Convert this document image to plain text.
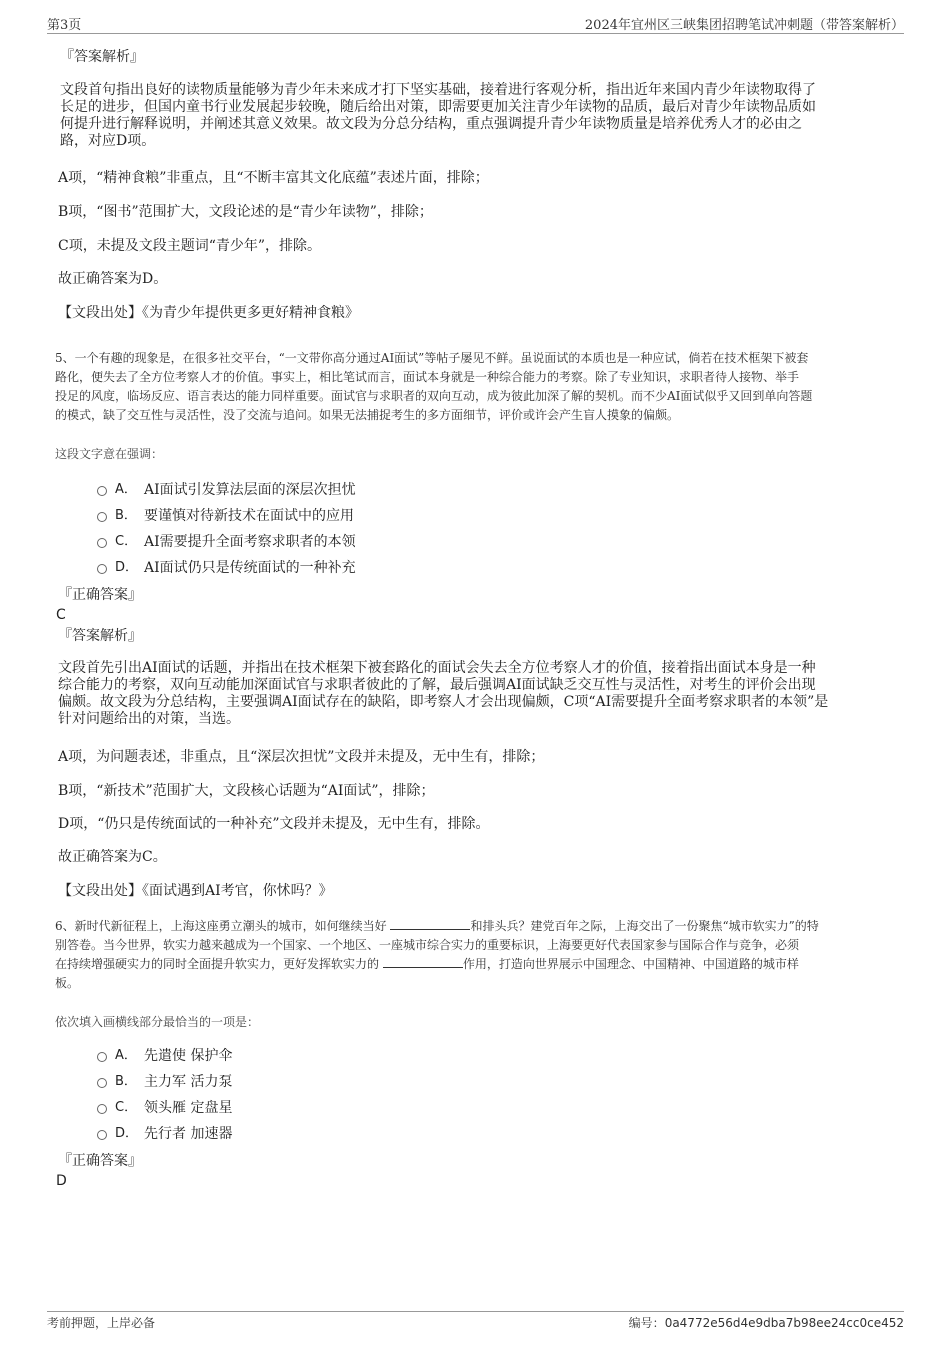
第3页	2024年宜州区三峡集团招聘笔试冲刺题（带答案解析）
『答案解析』
文段首句指出良好的读物质量能够为青少年未来成才打下坚实基础，接着进行客观分析，指出近年来国内青少年读物取得了
长足的进步，但国内童书行业发展起步较晚，随后给出对策，即需要更加关注青少年读物的品质，最后对青少年读物品质如
何提升进行解释说明，并阐述其意义效果。故文段为分总分结构，重点强调提升青少年读物质量是培养优秀人才的必由之
路，对应D项。
A项，“精神食粮”非重点，且“不断丰富其文化底蕴”表述片面，排除；
B项，“图书”范围扩大，文段论述的是“青少年读物”，排除；
C项，未提及文段主题词“青少年”，排除。
故正确答案为D。
【文段出处】《为青少年提供更多更好精神食粮》
5、一个有趣的现象是，在很多社交平台，“一文带你高分通过AI面试”等帖子屡见不鲜。虽说面试的本质也是一种应试，倘若在技术框架下被套
路化，便失去了全方位考察人才的价值。事实上，相比笔试而言，面试本身就是一种综合能力的考察。除了专业知识，求职者待人接物、举手
投足的风度，临场反应、语言表达的能力同样重要。面试官与求职者的双向互动，成为彼此加深了解的契机。而不少AI面试似乎又回到单向答题
的模式，缺了交互性与灵活性，没了交流与追问。如果无法捕捉考生的多方面细节，评价或许会产生盲人摸象的偏颇。
这段文字意在强调：
A． AI面试引发算法层面的深层次担忧
B． 要谨慎对待新技术在面试中的应用
C． AI需要提升全面考察求职者的本领
D． AI面试仍只是传统面试的一种补充
『正确答案』
C
『答案解析』
文段首先引出AI面试的话题，并指出在技术框架下被套路化的面试会失去全方位考察人才的价值，接着指出面试本身是一种
综合能力的考察，双向互动能加深面试官与求职者彼此的了解，最后强调AI面试缺乏交互性与灵活性，对考生的评价会出现
偏颇。故文段为分总结构，主要强调AI面试存在的缺陷，即考察人才会出现偏颇，C项“AI需要提升全面考察求职者的本领”是
针对问题给出的对策，当选。
A项，为问题表述，非重点，且“深层次担忧”文段并未提及，无中生有，排除；
B项，“新技术”范围扩大，文段核心话题为“AI面试”，排除；
D项，“仍只是传统面试的一种补充”文段并未提及，无中生有，排除。
故正确答案为C。
【文段出处】《面试遇到AI考官，你怵吗？》
6、新时代新征程上，上海这座勇立潮头的城市，如何继续当好	和排头兵？建党百年之际，上海交出了一份聚焦“城市软实力”的特
别答卷。当今世界，软实力越来越成为一个国家、一个地区、一座城市综合实力的重要标识，上海要更好代表国家参与国际合作与竞争，必须
在持续增强硬实力的同时全面提升软实力，更好发挥软实力的	作用，打造向世界展示中国理念、中国精神、中国道路的城市样
板。
依次填入画横线部分最恰当的一项是：
A． 先遣使 保护伞
B． 主力军 活力泵
C． 领头雁 定盘星
D． 先行者 加速器
『正确答案』
D
考前押题，上岸必备	编号：0a4772e56d4e9dba7b98ee24cc0ce452
